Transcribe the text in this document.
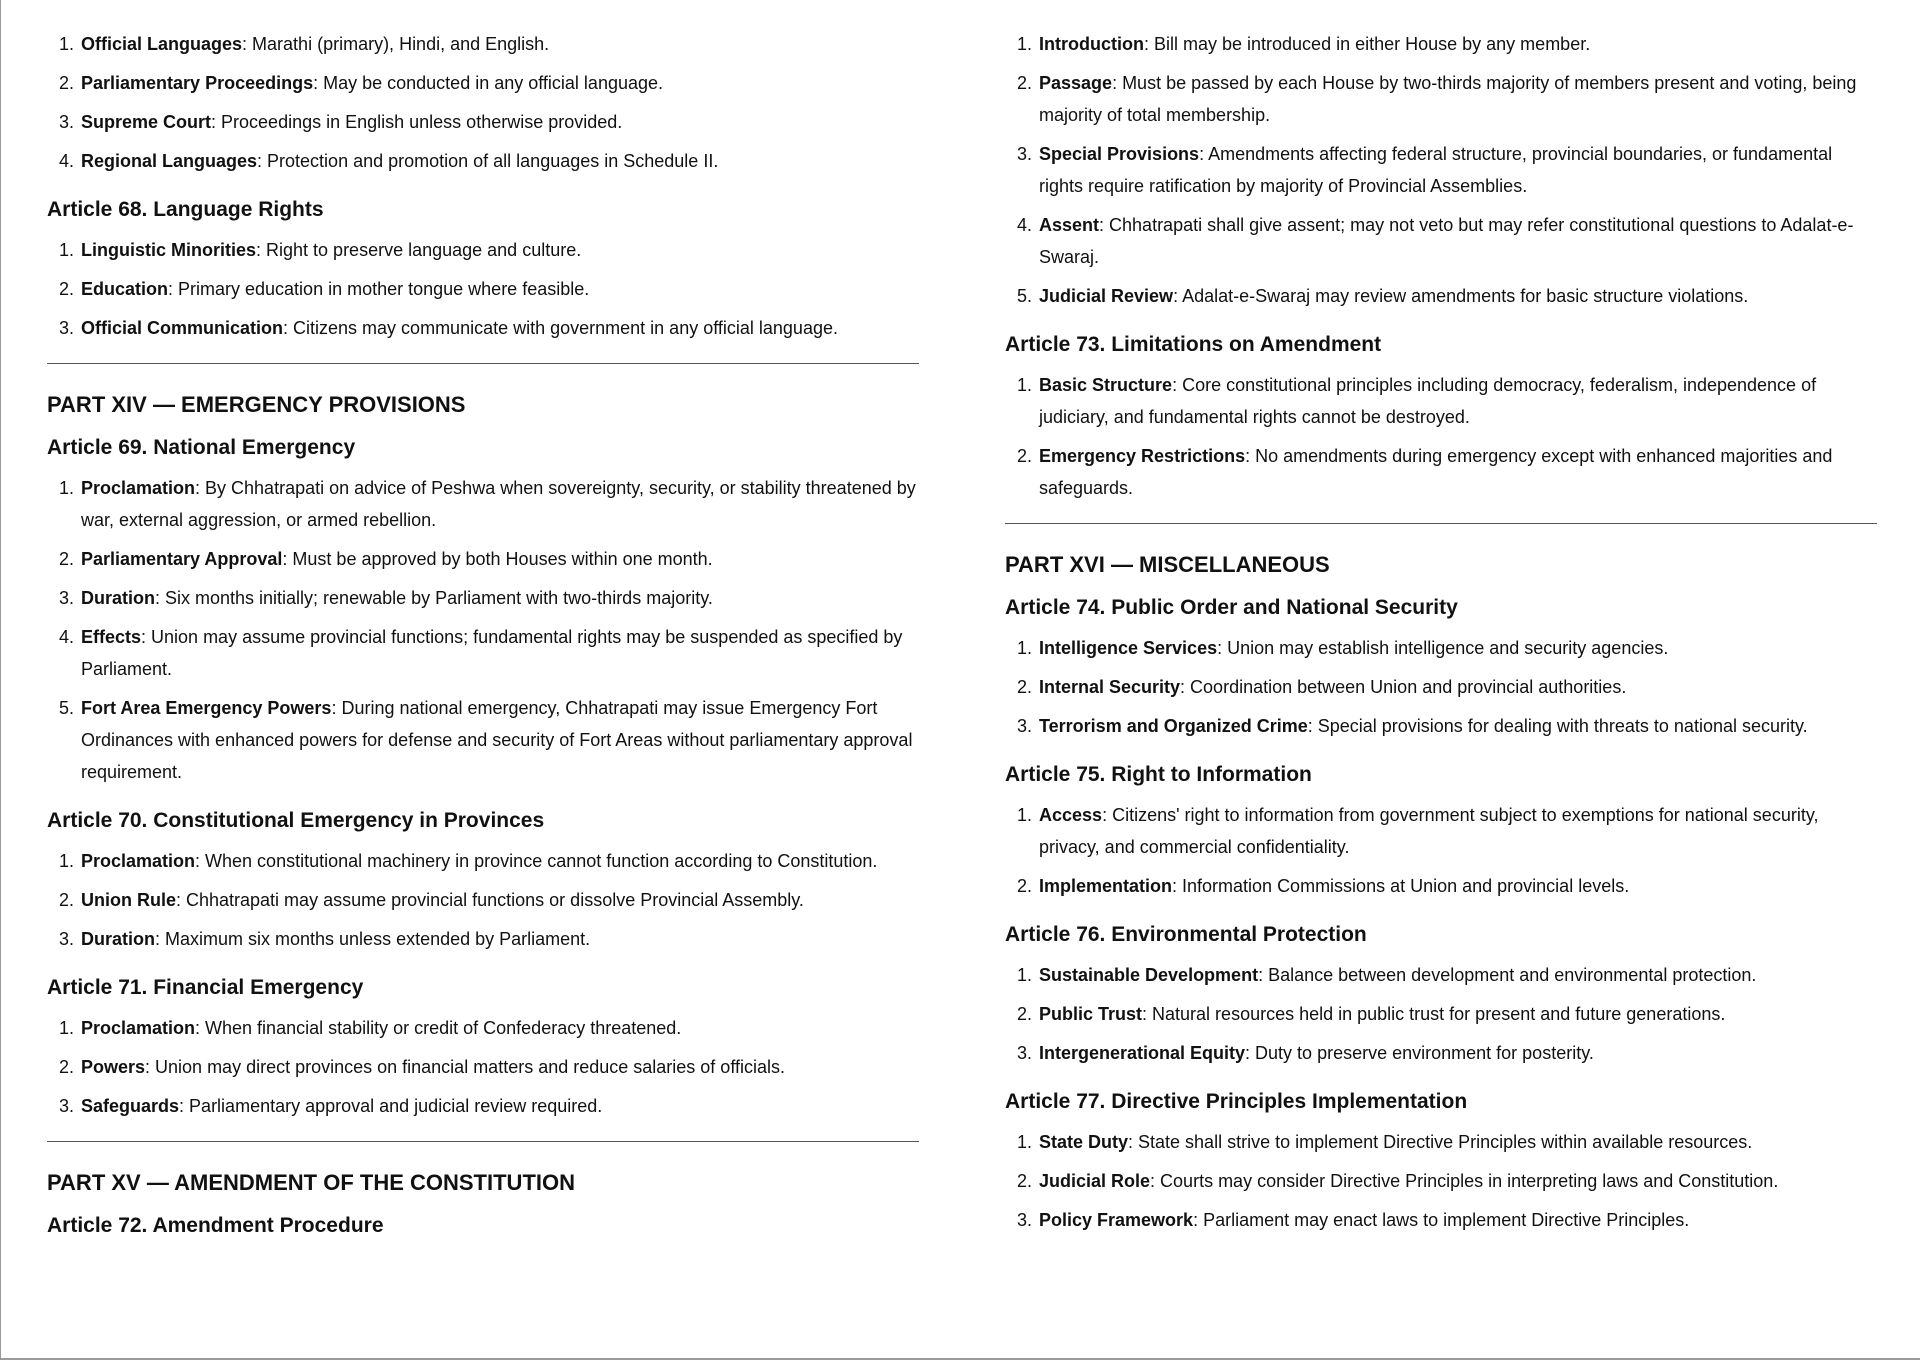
1. Official Languages: Marathi (primary), Hindi, and English.
2. Parliamentary Proceedings: May be conducted in any official language.
3. Supreme Court: Proceedings in English unless otherwise provided.
4. Regional Languages: Protection and promotion of all languages in Schedule II.
Article 68. Language Rights
1. Linguistic Minorities: Right to preserve language and culture.
2. Education: Primary education in mother tongue where feasible.
3. Official Communication: Citizens may communicate with government in any official language.
PART XIV — EMERGENCY PROVISIONS
Article 69. National Emergency
1. Proclamation: By Chhatrapati on advice of Peshwa when sovereignty, security, or stability threatened by war, external aggression, or armed rebellion.
2. Parliamentary Approval: Must be approved by both Houses within one month.
3. Duration: Six months initially; renewable by Parliament with two-thirds majority.
4. Effects: Union may assume provincial functions; fundamental rights may be suspended as specified by Parliament.
5. Fort Area Emergency Powers: During national emergency, Chhatrapati may issue Emergency Fort Ordinances with enhanced powers for defense and security of Fort Areas without parliamentary approval requirement.
Article 70. Constitutional Emergency in Provinces
1. Proclamation: When constitutional machinery in province cannot function according to Constitution.
2. Union Rule: Chhatrapati may assume provincial functions or dissolve Provincial Assembly.
3. Duration: Maximum six months unless extended by Parliament.
Article 71. Financial Emergency
1. Proclamation: When financial stability or credit of Confederacy threatened.
2. Powers: Union may direct provinces on financial matters and reduce salaries of officials.
3. Safeguards: Parliamentary approval and judicial review required.
PART XV — AMENDMENT OF THE CONSTITUTION
Article 72. Amendment Procedure
1. Introduction: Bill may be introduced in either House by any member.
2. Passage: Must be passed by each House by two-thirds majority of members present and voting, being majority of total membership.
3. Special Provisions: Amendments affecting federal structure, provincial boundaries, or fundamental rights require ratification by majority of Provincial Assemblies.
4. Assent: Chhatrapati shall give assent; may not veto but may refer constitutional questions to Adalat-e-Swaraj.
5. Judicial Review: Adalat-e-Swaraj may review amendments for basic structure violations.
Article 73. Limitations on Amendment
1. Basic Structure: Core constitutional principles including democracy, federalism, independence of judiciary, and fundamental rights cannot be destroyed.
2. Emergency Restrictions: No amendments during emergency except with enhanced majorities and safeguards.
PART XVI — MISCELLANEOUS
Article 74. Public Order and National Security
1. Intelligence Services: Union may establish intelligence and security agencies.
2. Internal Security: Coordination between Union and provincial authorities.
3. Terrorism and Organized Crime: Special provisions for dealing with threats to national security.
Article 75. Right to Information
1. Access: Citizens' right to information from government subject to exemptions for national security, privacy, and commercial confidentiality.
2. Implementation: Information Commissions at Union and provincial levels.
Article 76. Environmental Protection
1. Sustainable Development: Balance between development and environmental protection.
2. Public Trust: Natural resources held in public trust for present and future generations.
3. Intergenerational Equity: Duty to preserve environment for posterity.
Article 77. Directive Principles Implementation
1. State Duty: State shall strive to implement Directive Principles within available resources.
2. Judicial Role: Courts may consider Directive Principles in interpreting laws and Constitution.
3. Policy Framework: Parliament may enact laws to implement Directive Principles.
